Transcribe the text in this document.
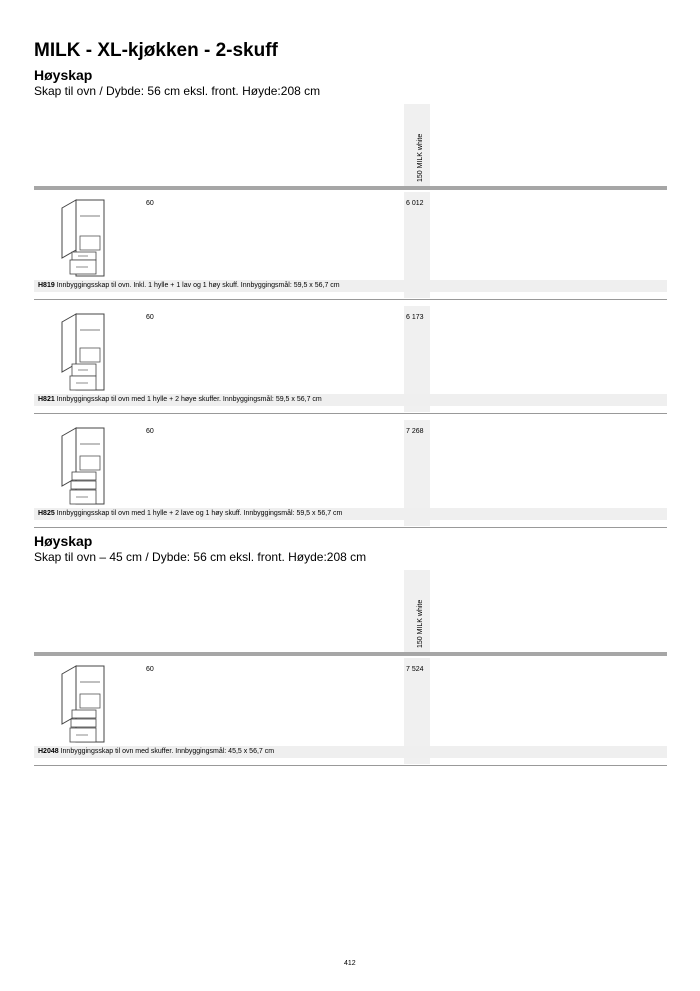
MILK - XL-kjøkken - 2-skuff
Høyskap
Skap til ovn / Dybde: 56 cm eksl. front. Høyde:208 cm
150 MILK white
60	6 012
H819 Innbyggingsskap til ovn. Inkl. 1 hylle + 1 lav og 1 høy skuff. Innbyggingsmål: 59,5 x 56,7 cm
60	6 173
H821 Innbyggingsskap til ovn med 1 hylle + 2 høye skuffer. Innbyggingsmål: 59,5 x 56,7 cm
60	7 268
H825 Innbyggingsskap til ovn med 1 hylle + 2 lave og 1 høy skuff. Innbyggingsmål: 59,5 x 56,7 cm
Høyskap
Skap til ovn – 45 cm / Dybde: 56 cm eksl. front. Høyde:208 cm
150 MILK white
60	7 524
H2048 Innbyggingsskap til ovn med skuffer. Innbyggingsmål: 45,5 x 56,7 cm
412
